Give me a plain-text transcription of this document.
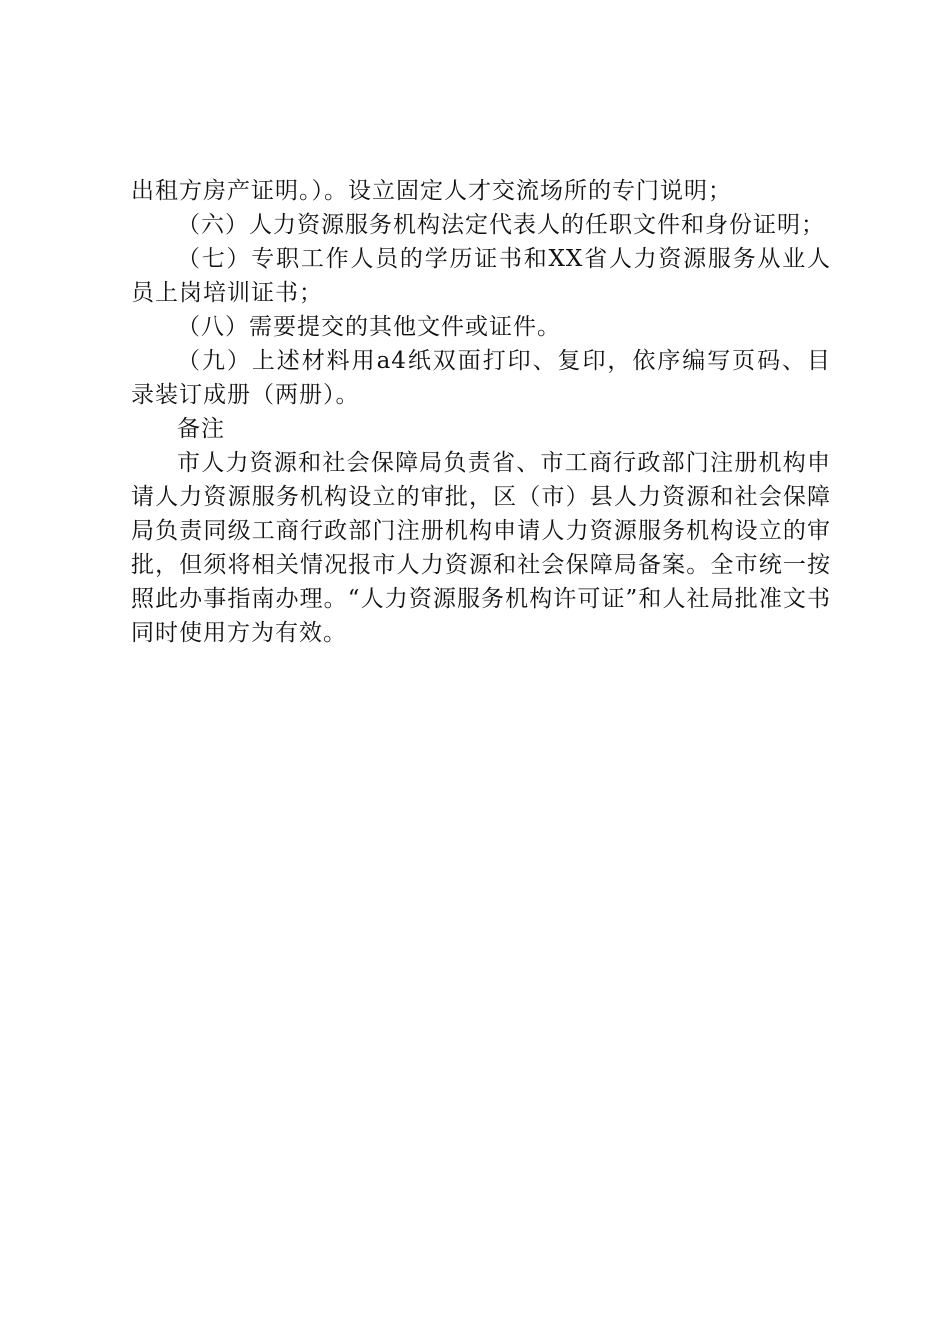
出租方房产证明。）。设立固定人才交流场所的专门说明；

（六）人力资源服务机构法定代表人的任职文件和身份证明；

（七）专职工作人员的学历证书和XX省人力资源服务从业人员上岗培训证书；

（八）需要提交的其他文件或证件。

（九）上述材料用a4纸双面打印、复印，依序编写页码、目录装订成册（两册）。

备注

市人力资源和社会保障局负责省、市工商行政部门注册机构申请人力资源服务机构设立的审批，区（市）县人力资源和社会保障局负责同级工商行政部门注册机构申请人力资源服务机构设立的审批，但须将相关情况报市人力资源和社会保障局备案。全市统一按照此办事指南办理。“人力资源服务机构许可证”和人社局批准文书同时使用方为有效。
